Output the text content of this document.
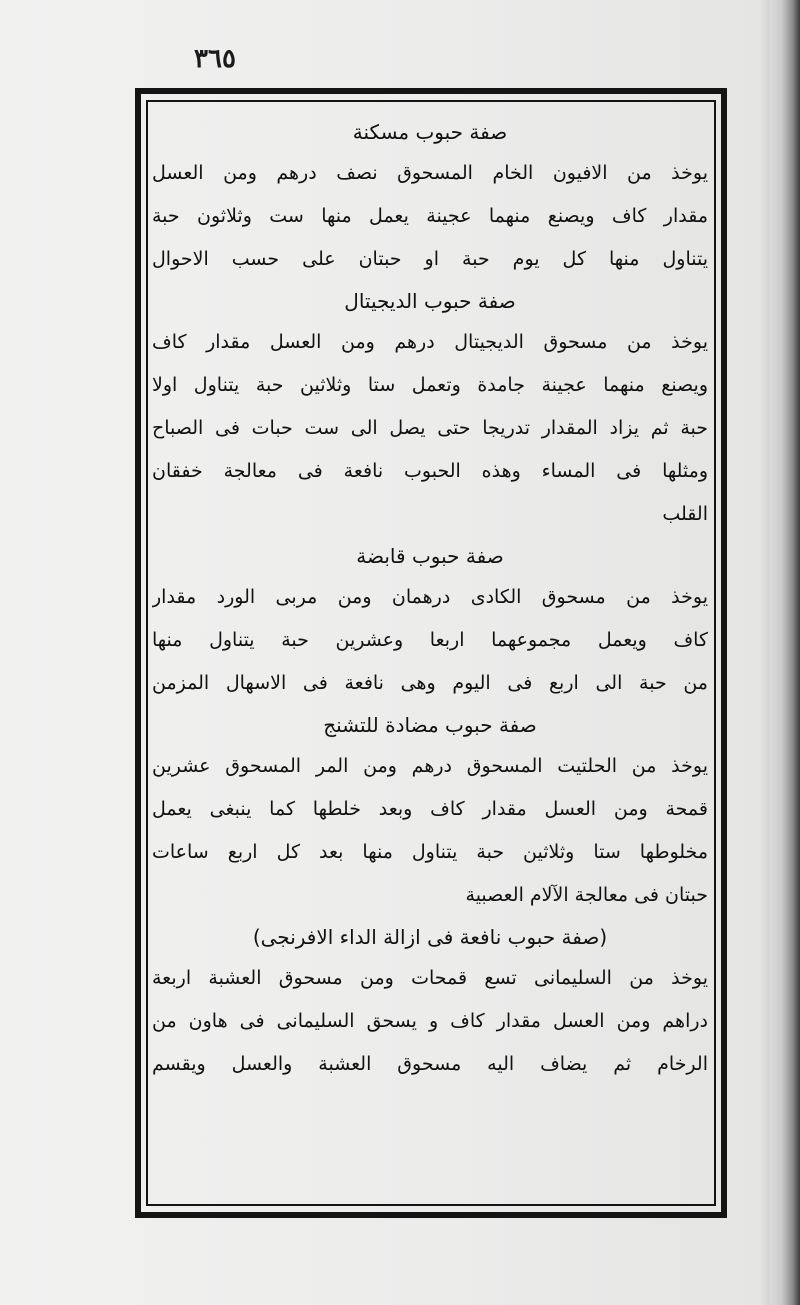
٣٦٥
صفة حبوب مسكنة
يوخذ من الافيون الخام المسحوق نصف درهم ومن العسل
مقدار كاف ويصنع منهما عجينة يعمل منها ست وثلاثون حبة
يتناول منها كل يوم حبة او حبتان على حسب الاحوال
صفة حبوب الديجيتال
يوخذ من مسحوق الديجيتال درهم ومن العسل مقدار كاف
ويصنع منهما عجينة جامدة وتعمل ستا وثلاثين حبة يتناول اولا
حبة ثم يزاد المقدار تدريجا حتى يصل الى ست حبات فى الصباح
ومثلها فى المساء وهذه الحبوب نافعة فى معالجة خفقان
القلب
صفة حبوب قابضة
يوخذ من مسحوق الكادى درهمان ومن مربى الورد مقدار
كاف ويعمل مجموعهما اربعا وعشرين حبة يتناول منها
من حبة الى اربع فى اليوم وهى نافعة فى الاسهال المزمن
صفة حبوب مضادة للتشنج
يوخذ من الحلتيت المسحوق درهم ومن المر المسحوق عشرين
قمحة ومن العسل مقدار كاف وبعد خلطها كما ينبغى يعمل
مخلوطها ستا وثلاثين حبة يتناول منها بعد كل اربع ساعات
حبتان فى معالجة الآلام العصبية
(صفة حبوب نافعة فى ازالة الداء الافرنجى)
يوخذ من السليمانى تسع قمحات ومن مسحوق العشبة اربعة
دراهم ومن العسل مقدار كاف و يسحق السليمانى فى هاون من
الرخام ثم يضاف اليه مسحوق العشبة والعسل ويقسم
